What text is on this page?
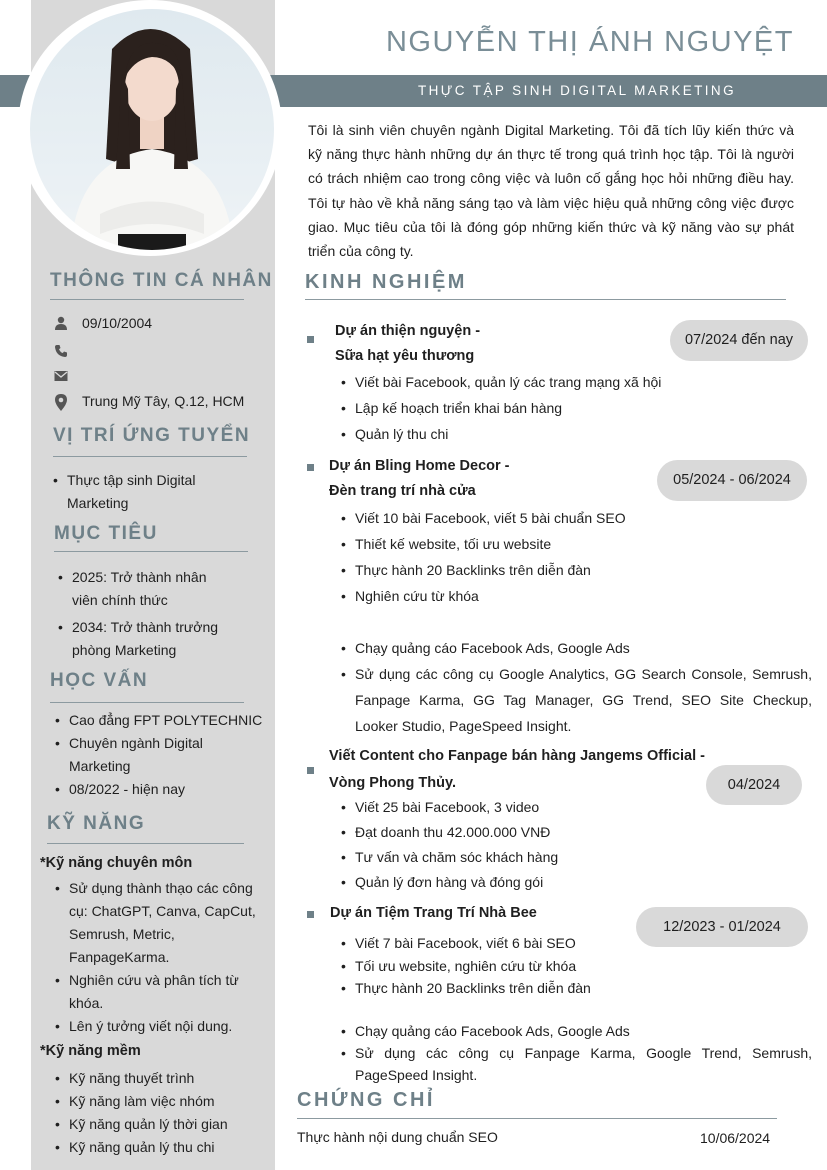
THỰC TẬP SINH DIGITAL MARKETING
NGUYỄN THỊ ÁNH NGUYỆT
Tôi là sinh viên chuyên ngành Digital Marketing. Tôi đã tích lũy kiến thức và kỹ năng thực hành những dự án thực tế trong quá trình học tập. Tôi là người có trách nhiệm cao trong công việc và luôn cố gắng học hỏi những điều hay. Tôi tự hào về khả năng sáng tạo và làm việc hiệu quả những công việc được giao. Mục tiêu của tôi là đóng góp những kiến thức và kỹ năng vào sự phát triển của công ty.
THÔNG TIN CÁ NHÂN
09/10/2004
Trung Mỹ Tây, Q.12, HCM
VỊ TRÍ ỨNG TUYỂN
• Thực tập sinh Digital Marketing
MỤC TIÊU
• 2025: Trở thành nhân viên chính thức
• 2034: Trở thành trưởng phòng Marketing
HỌC VẤN
• Cao đẳng FPT POLYTECHNIC
• Chuyên ngành Digital Marketing
• 08/2022 - hiện nay
KỸ NĂNG
*Kỹ năng chuyên môn
• Sử dụng thành thạo các công cụ: ChatGPT, Canva, CapCut, Semrush, Metric, FanpageKarma.
• Nghiên cứu và phân tích từ khóa.
• Lên ý tưởng viết nội dung.
*Kỹ năng mềm
• Kỹ năng thuyết trình
• Kỹ năng làm việc nhóm
• Kỹ năng quản lý thời gian
• Kỹ năng quản lý thu chi
KINH NGHIỆM
Dự án thiện nguyện -
Sữa hạt yêu thương
07/2024 đến nay
• Viết bài Facebook, quản lý các trang mạng xã hội
• Lập kế hoạch triển khai bán hàng
• Quản lý thu chi
Dự án Bling Home Decor -
Đèn trang trí nhà cửa
05/2024 - 06/2024
• Viết 10 bài Facebook, viết 5 bài chuẩn SEO
• Thiết kế website, tối ưu website
• Thực hành 20 Backlinks trên diễn đàn
• Nghiên cứu từ khóa
• Chạy quảng cáo Facebook Ads, Google Ads
• Sử dụng các công cụ Google Analytics, GG Search Console, Semrush, Fanpage Karma, GG Tag Manager, GG Trend, SEO Site Checkup, Looker Studio, PageSpeed Insight.
Viết Content cho Fanpage bán hàng Jangems Official -
Vòng Phong Thủy.	04/2024
• Viết 25 bài Facebook, 3 video
• Đạt doanh thu 42.000.000 VNĐ
• Tư vấn và chăm sóc khách hàng
• Quản lý đơn hàng và đóng gói
Dự án Tiệm Trang Trí Nhà Bee
12/2023 - 01/2024
• Viết 7 bài Facebook, viết 6 bài SEO
• Tối ưu website, nghiên cứu từ khóa
• Thực hành 20 Backlinks trên diễn đàn
• Chạy quảng cáo Facebook Ads, Google Ads
• Sử dụng các công cụ Fanpage Karma, Google Trend, Semrush, PageSpeed Insight.
CHỨNG CHỈ
Thực hành nội dung chuẩn SEO	10/06/2024
